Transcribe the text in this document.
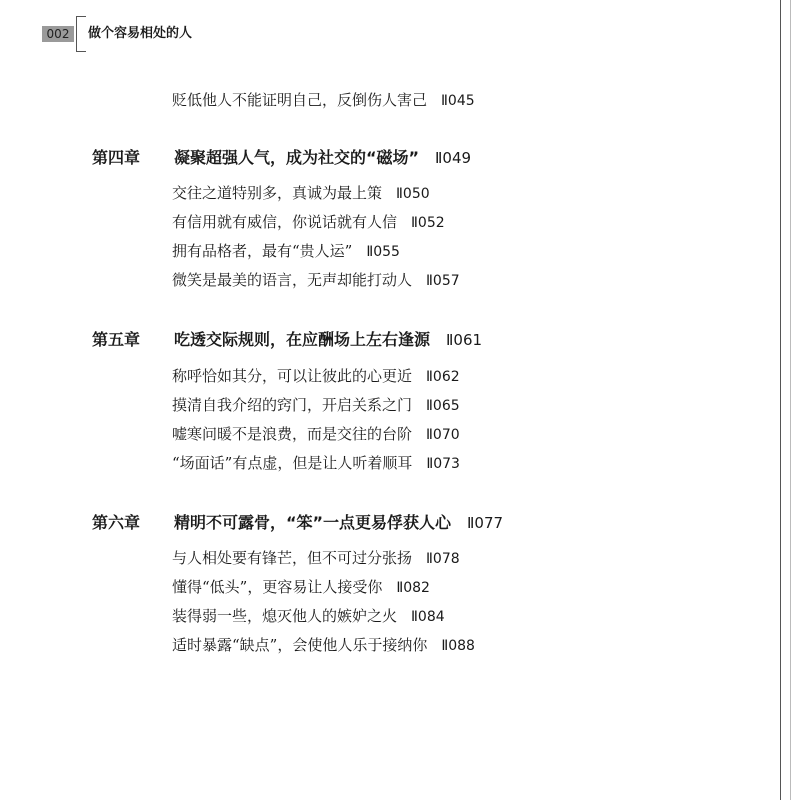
002	做个容易相处的人
贬低他人不能证明自己，反倒伤人害己 Ⅱ045
第四章 凝聚超强人气，成为社交的“磁场” Ⅱ049
交往之道特别多，真诚为最上策 Ⅱ050
有信用就有威信，你说话就有人信 Ⅱ052
拥有品格者，最有“贵人运” Ⅱ055
微笑是最美的语言，无声却能打动人 Ⅱ057
第五章 吃透交际规则，在应酬场上左右逢源 Ⅱ061
称呼恰如其分，可以让彼此的心更近 Ⅱ062
摸清自我介绍的窍门，开启关系之门 Ⅱ065
嘘寒问暖不是浪费，而是交往的台阶 Ⅱ070
“场面话”有点虚，但是让人听着顺耳 Ⅱ073
第六章 精明不可露骨，“笨”一点更易俘获人心 Ⅱ077
与人相处要有锋芒，但不可过分张扬 Ⅱ078
懂得“低头”，更容易让人接受你 Ⅱ082
装得弱一些，熄灭他人的嫉妒之火 Ⅱ084
适时暴露“缺点”，会使他人乐于接纳你 Ⅱ088
